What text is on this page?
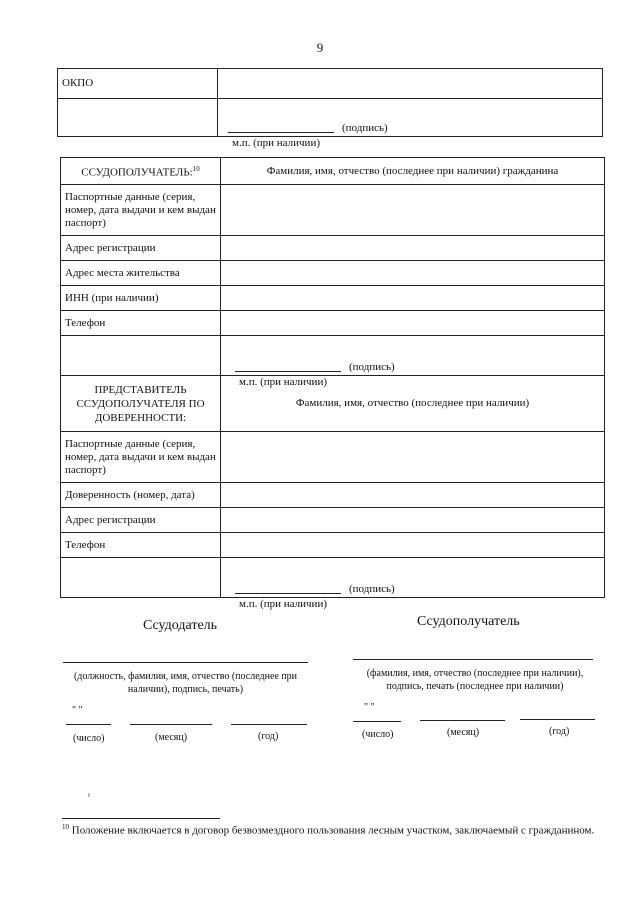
9
ОКПО	

	(подпись)
м.п. (при наличии)
ССУДОПОЛУЧАТЕЛЬ:$^{10}$	Фамилия, имя, отчество (последнее при наличии) гражданина
Паспортные данные (серия, номер, дата выдачи и кем выдан паспорт)	
Адрес регистрации	
Адрес места жительства	
ИНН (при наличии)	
Телефон	

	(подпись)
м.п. (при наличии)

ПРЕДСТАВИТЕЛЬ ССУДОПОЛУЧАТЕЛЯ ПО ДОВЕРЕННОСТИ:	Фамилия, имя, отчество (последнее при наличии)
Паспортные данные (серия, номер, дата выдачи и кем выдан паспорт)	
Доверенность (номер, дата)	
Адрес регистрации	
Телефон	

	(подпись)
м.п. (при наличии)
Ссудодатель
(должность, фамилия, имя, отчество (последнее при наличии), подпись, печать)
" "
(число)	(месяц)	(год)
Ссудополучатель
(фамилия, имя, отчество (последнее при наличии), подпись, печать (последнее при наличии)
" "
(число)	(месяц)	(год)
$^{10}$ Положение включается в договор безвозмездного пользования лесным участком, заключаемый с гражданином.
